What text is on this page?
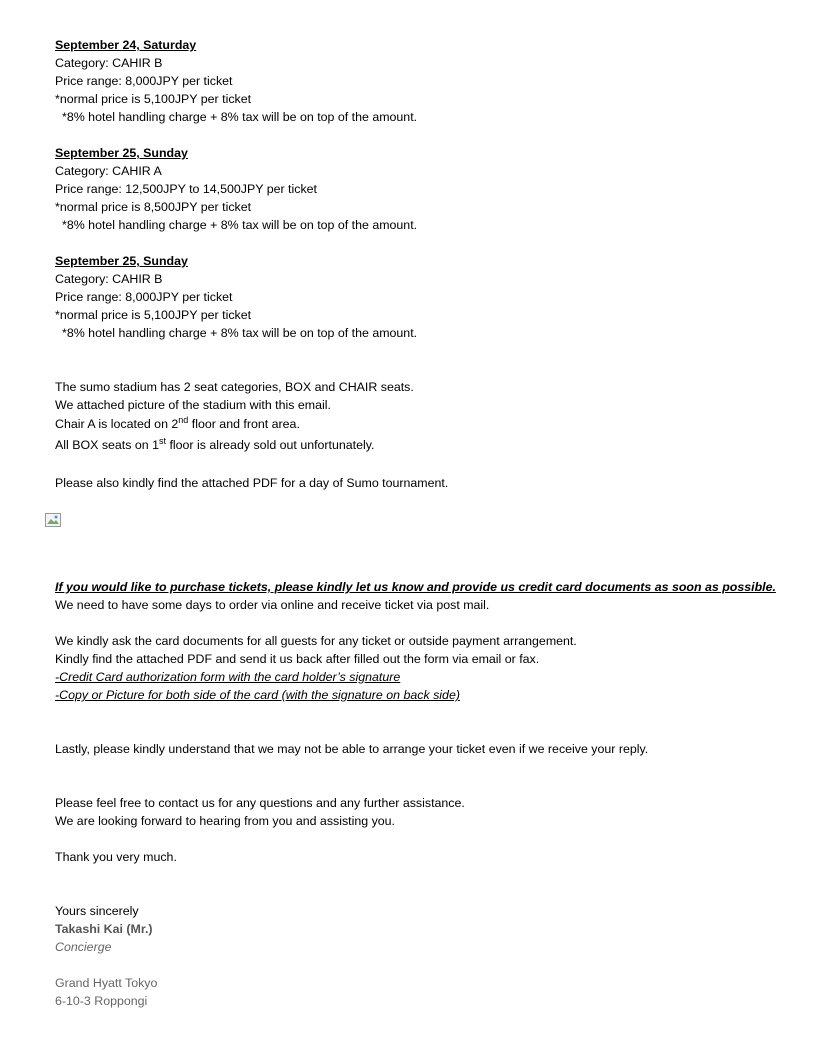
September 24, Saturday
Category: CAHIR B
Price range: 8,000JPY per ticket
*normal price is 5,100JPY per ticket
*8% hotel handling charge + 8% tax will be on top of the amount.
September 25, Sunday
Category: CAHIR A
Price range: 12,500JPY to 14,500JPY per ticket
*normal price is 8,500JPY per ticket
*8% hotel handling charge + 8% tax will be on top of the amount.
September 25, Sunday
Category: CAHIR B
Price range: 8,000JPY per ticket
*normal price is 5,100JPY per ticket
*8% hotel handling charge + 8% tax will be on top of the amount.
The sumo stadium has 2 seat categories, BOX and CHAIR seats.
We attached picture of the stadium with this email.
Chair A is located on 2nd floor and front area.
All BOX seats on 1st floor is already sold out unfortunately.
Please also kindly find the attached PDF for a day of Sumo tournament.
If you would like to purchase tickets, please kindly let us know and provide us credit card documents as soon as possible.
We need to have some days to order via online and receive ticket via post mail.
We kindly ask the card documents for all guests for any ticket or outside payment arrangement.
Kindly find the attached PDF and send it us back after filled out the form via email or fax.
-Credit Card authorization form with the card holder’s signature
-Copy or Picture for both side of the card (with the signature on back side)
Lastly, please kindly understand that we may not be able to arrange your ticket even if we receive your reply.
Please feel free to contact us for any questions and any further assistance.
We are looking forward to hearing from you and assisting you.
Thank you very much.
Yours sincerely
Takashi Kai (Mr.)
Concierge
Grand Hyatt Tokyo
6-10-3 Roppongi
